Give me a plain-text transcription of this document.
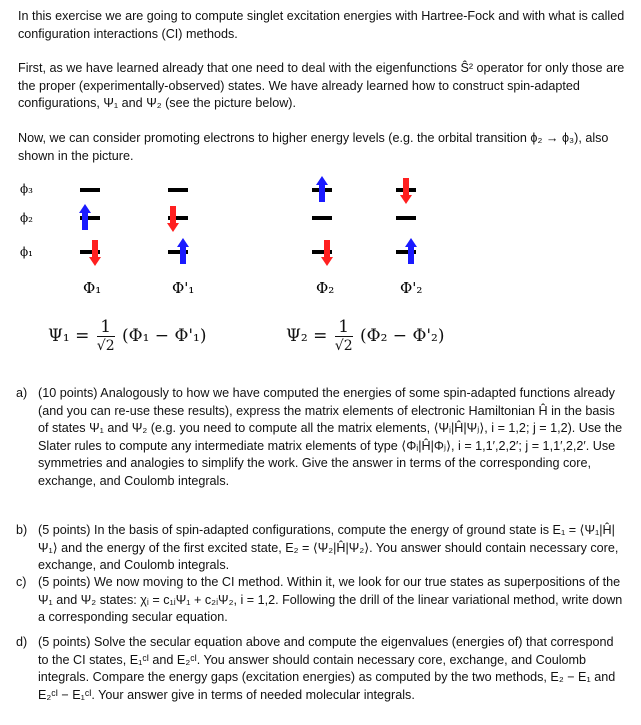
In this exercise we are going to compute singlet excitation energies with Hartree-Fock and with what is called configuration interactions (CI) methods.

First, as we have learned already that one need to deal with the eigenfunctions Ŝ² operator for only those are the proper (experimentally-observed) states. We have already learned how to construct spin-adapted configurations, Ψ₁ and Ψ₂ (see the picture below).

Now, we can consider promoting electrons to higher energy levels (e.g. the orbital transition ϕ₂ → ϕ₃), also shown in the picture.

ϕ₃
ϕ₂
ϕ₁
Φ₁	Φ'₁	Φ₂	Φ'₂
$\Psi_1 = \frac{1}{√2} (\Phi_1 - \Phi'_1)$	$\Psi_2 = \frac{1}{√2} (\Phi_2 - \Phi'_2)$
a) (10 points) Analogously to how we have computed the energies of some spin-adapted functions already (and you can re-use these results), express the matrix elements of electronic Hamiltonian Ĥ in the basis of states Ψ₁ and Ψ₂ (e.g. you need to compute all the matrix elements, ⟨Ψᵢ|Ĥ|Ψⱼ⟩, i = 1,2; j = 1,2). Use the Slater rules to compute any intermediate matrix elements of type ⟨Φᵢ|Ĥ|Φⱼ⟩, i = 1,1′,2,2′; j = 1,1′,2,2′. Use symmetries and analogies to simplify the work. Give the answer in terms of the corresponding core, exchange, and Coulomb integrals.

b) (5 points) In the basis of spin-adapted configurations, compute the energy of ground state is E₁ = ⟨Ψ₁|Ĥ|Ψ₁⟩ and the energy of the first excited state, E₂ = ⟨Ψ₂|Ĥ|Ψ₂⟩. You answer should contain necessary core, exchange, and Coulomb integrals.

c) (5 points) We now moving to the CI method. Within it, we look for our true states as superpositions of the Ψ₁ and Ψ₂ states: χᵢ = c₁ᵢΨ₁ + c₂ᵢΨ₂, i = 1,2. Following the drill of the linear variational method, write down a corresponding secular equation.

d) (5 points) Solve the secular equation above and compute the eigenvalues (energies of) that correspond to the CI states, E₁ᶜᴵ and E₂ᶜᴵ. You answer should contain necessary core, exchange, and Coulomb integrals. Compare the energy gaps (excitation energies) as computed by the two methods, E₂ − E₁ and E₂ᶜᴵ − E₁ᶜᴵ. Your answer give in terms of needed molecular integrals.
